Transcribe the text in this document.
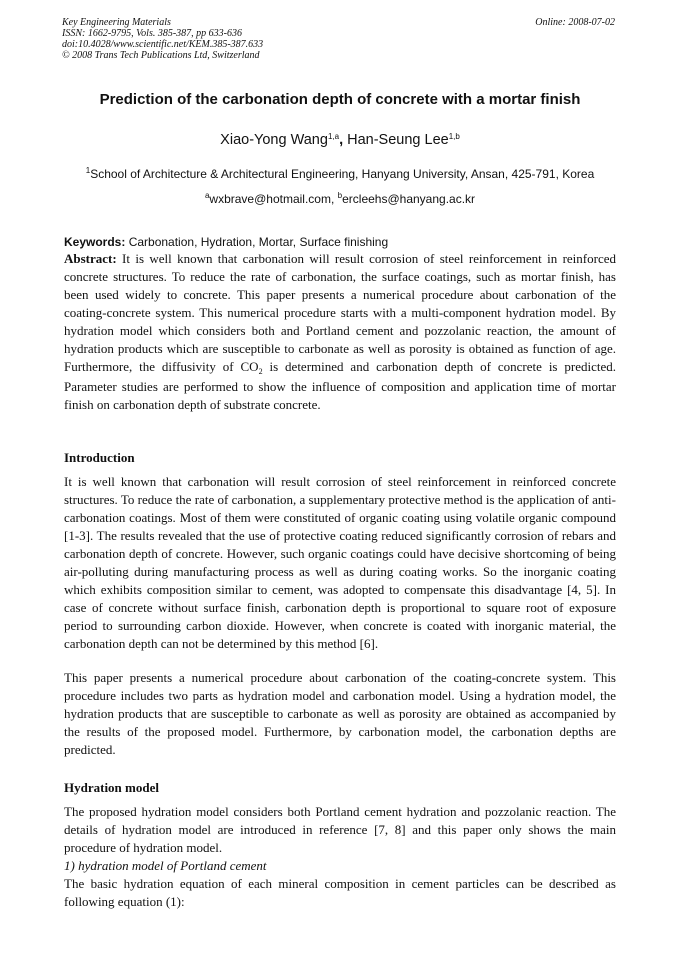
Key Engineering Materials
ISSN: 1662-9795, Vols. 385-387, pp 633-636
doi:10.4028/www.scientific.net/KEM.385-387.633
© 2008 Trans Tech Publications Ltd, Switzerland
Online: 2008-07-02
Prediction of the carbonation depth of concrete with a mortar finish
Xiao-Yong Wang$^{1,a}$, Han-Seung Lee$^{1,b}$
$^1$School of Architecture & Architectural Engineering, Hanyang University, Ansan, 425-791, Korea
$^a$wxbrave@hotmail.com, $^b$ercleehs@hanyang.ac.kr
Keywords: Carbonation, Hydration, Mortar, Surface finishing
Abstract: It is well known that carbonation will result corrosion of steel reinforcement in reinforced concrete structures. To reduce the rate of carbonation, the surface coatings, such as mortar finish, has been used widely to concrete. This paper presents a numerical procedure about carbonation of the coating-concrete system. This numerical procedure starts with a multi-component hydration model. By hydration model which considers both and Portland cement and pozzolanic reaction, the amount of hydration products which are susceptible to carbonate as well as porosity is obtained as function of age. Furthermore, the diffusivity of $CO_2$ is determined and carbonation depth of concrete is predicted. Parameter studies are performed to show the influence of composition and application time of mortar finish on carbonation depth of substrate concrete.
Introduction
It is well known that carbonation will result corrosion of steel reinforcement in reinforced concrete structures. To reduce the rate of carbonation, a supplementary protective method is the application of anti-carbonation coatings. Most of them were constituted of organic coating using volatile organic compound [1-3]. The results revealed that the use of protective coating reduced significantly corrosion of rebars and carbonation depth of concrete. However, such organic coatings could have decisive shortcoming of being air-polluting during manufacturing process as well as during coating works. So the inorganic coating which exhibits composition similar to cement, was adopted to compensate this disadvantage [4, 5]. In case of concrete without surface finish, carbonation depth is proportional to square root of exposure period to surrounding carbon dioxide. However, when concrete is coated with inorganic material, the carbonation depth can not be determined by this method [6].
This paper presents a numerical procedure about carbonation of the coating-concrete system. This procedure includes two parts as hydration model and carbonation model. Using a hydration model, the hydration products that are susceptible to carbonate as well as porosity are obtained as accompanied by the results of the proposed model. Furthermore, by carbonation model, the carbonation depths are predicted.
Hydration model
The proposed hydration model considers both Portland cement hydration and pozzolanic reaction. The details of hydration model are introduced in reference [7, 8] and this paper only shows the main procedure of hydration model.
1) hydration model of Portland cement
The basic hydration equation of each mineral composition in cement particles can be described as following equation (1):
